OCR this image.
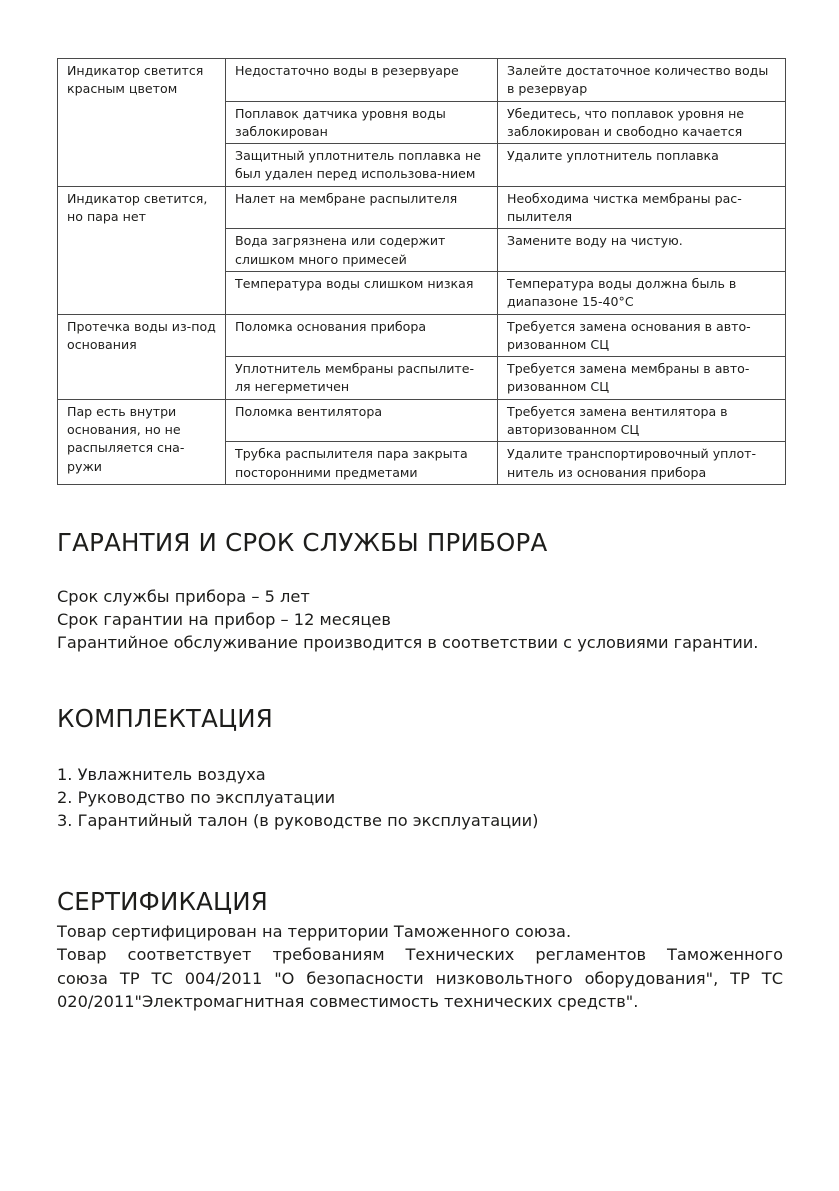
Индикатор светится красным цветом	Недостаточно воды в резервуаре	Залейте достаточное количество воды в резервуар
	Поплавок датчика уровня воды заблокирован	Убедитесь, что поплавок уровня не заблокирован и свободно качается
	Защитный уплотнитель поплавка не был удален перед использова-нием	Удалите уплотнитель поплавка
Индикатор светится, но пара нет	Налет на мембране распылителя	Необходима чистка мембраны рас-пылителя
	Вода загрязнена или содержит слишком много примесей	Замените воду на чистую.
	Температура воды слишком низкая	Температура воды должна быль в диапазоне 15-40°C
Протечка воды из-под основания	Поломка основания прибора	Требуется замена основания в авто-ризованном СЦ
	Уплотнитель мембраны распылите-ля негерметичен	Требуется замена мембраны в авто-ризованном СЦ
Пар есть внутри основания, но не распыляется сна-ружи	Поломка вентилятора	Требуется замена вентилятора в авторизованном СЦ
	Трубка распылителя пара закрыта посторонними предметами	Удалите транспортировочный уплот-нитель из основания прибора
ГАРАНТИЯ И СРОК СЛУЖБЫ ПРИБОРА
Срок службы прибора – 5 лет
Срок гарантии на прибор – 12 месяцев
Гарантийное обслуживание производится в соответствии с условиями гарантии.
КОМПЛЕКТАЦИЯ
1. Увлажнитель воздуха
2. Руководство по эксплуатации
3. Гарантийный талон (в руководстве по эксплуатации)
СЕРТИФИКАЦИЯ
Товар сертифицирован на территории Таможенного союза.
Товар соответствует требованиям Технических регламентов Таможенного
союза ТР ТС 004/2011 "О безопасности низковольтного оборудования", ТР ТС
020/2011"Электромагнитная совместимость технических средств".
